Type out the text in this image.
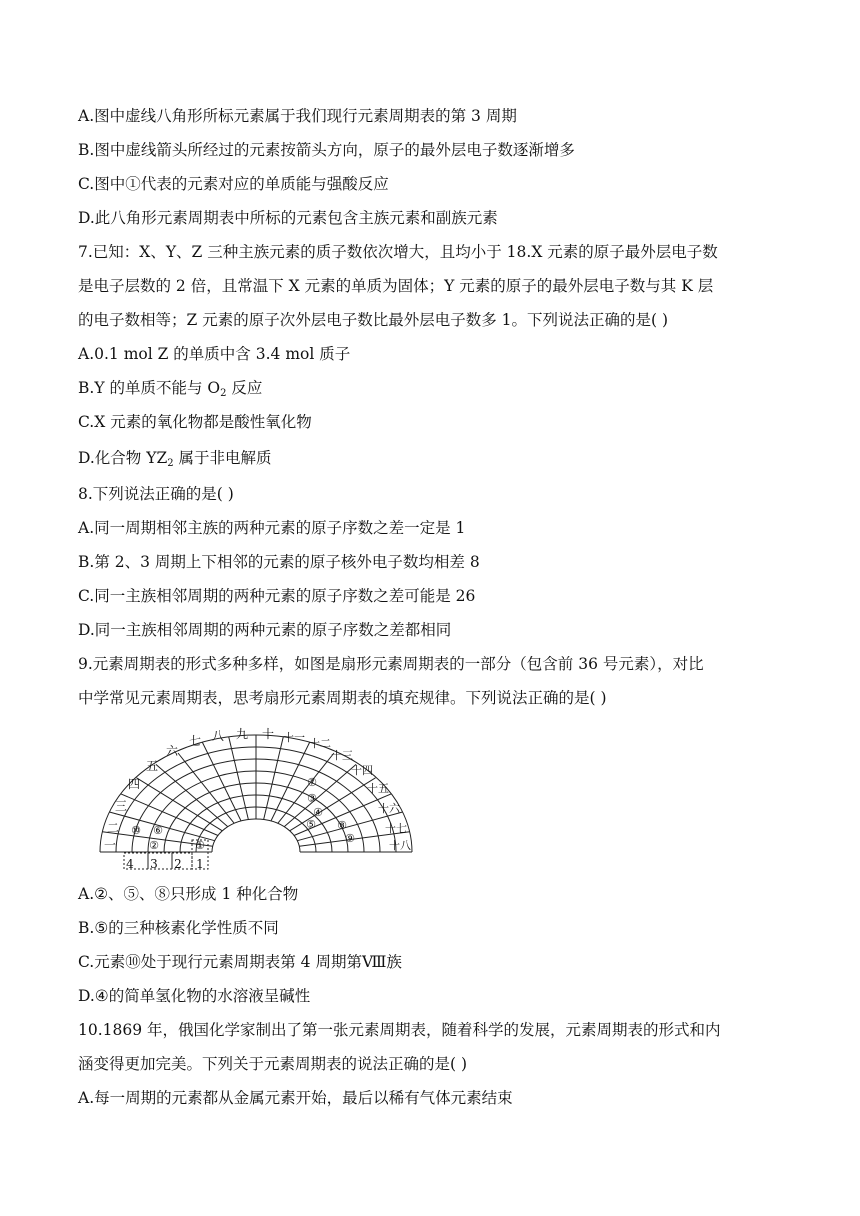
A.图中虚线八角形所标元素属于我们现行元素周期表的第 3 周期
B.图中虚线箭头所经过的元素按箭头方向，原子的最外层电子数逐渐增多
C.图中①代表的元素对应的单质能与强酸反应
D.此八角形元素周期表中所标的元素包含主族元素和副族元素
7.已知：X、Y、Z 三种主族元素的质子数依次增大，且均小于 18.X 元素的原子最外层电子数
是电子层数的 2 倍，且常温下 X 元素的单质为固体；Y 元素的原子的最外层电子数与其 K 层
的电子数相等；Z 元素的原子次外层电子数比最外层电子数多 1。下列说法正确的是( )
A.0.1 mol Z 的单质中含 3.4 mol 质子
B.Y 的单质不能与 $O_2$ 反应
C.X 元素的氧化物都是酸性氧化物
D.化合物 $YZ_2$ 属于非电解质
8.下列说法正确的是( )
A.同一周期相邻主族的两种元素的原子序数之差一定是 1
B.第 2、3 周期上下相邻的元素的原子核外电子数均相差 8
C.同一主族相邻周期的两种元素的原子序数之差可能是 26
D.同一主族相邻周期的两种元素的原子序数之差都相同
9.元素周期表的形式多种多样，如图是扇形元素周期表的一部分（包含前 36 号元素），对比
中学常见元素周期表，思考扇形元素周期表的填充规律。下列说法正确的是( )
4 3 2 1
一
二
三
四
五
六
七 八 九 十 十一 十二
十三
十四
十五
十六
十七
十八
①
②
③
④
⑤
⑥
⑦
⑧
⑨
⑩
A.②、⑤、⑧只形成 1 种化合物
B.⑤的三种核素化学性质不同
C.元素⑩处于现行元素周期表第 4 周期第Ⅷ族
D.④的简单氢化物的水溶液呈碱性
10.1869 年，俄国化学家制出了第一张元素周期表，随着科学的发展，元素周期表的形式和内
涵变得更加完美。下列关于元素周期表的说法正确的是( )
A.每一周期的元素都从金属元素开始，最后以稀有气体元素结束
